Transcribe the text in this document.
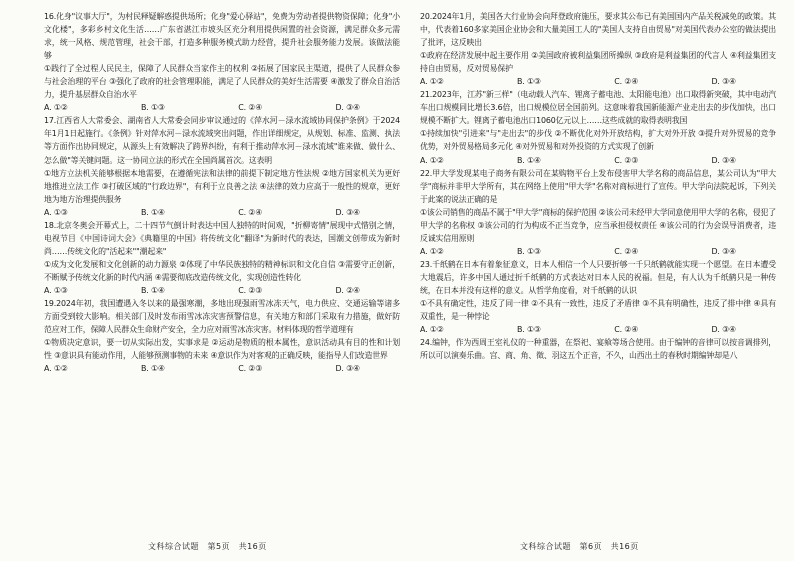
16.化身"议事大厅"，为村民释疑解惑提供场所；化身"爱心驿站"，免费为劳动者提供物资保障；化身"小文化楼"，多彩乡村文化生活……广东省湛江市坡头区充分利用提供闲置的社会资源，满足群众多元需求，统一风格、规范管理，社会干部，打造多种服务模式助力经营，提升社会服务能力发展。该做法能够

①践行了全过程人民民主，保障了人民群众当家作主的权利 ②拓展了国家民主渠道，提供了人民群众参与社会治理的平台 ③强化了政府的社会管理职能，满足了人民群众的美好生活需要 ④激发了群众自治活力，提升基层群众自治水平

A. ①②	B. ①③	C. ②④	D. ③④

17.江西省人大常委会、湖南省人大常委会同步审议通过的《萍水河－渌水流域协同保护条例》于2024年1月1日起施行。《条例》针对萍水河－渌水流域突出问题，作出详细规定，从规划、标准、监测、执法等方面作出协同规定，从源头上有效解决了跨界纠纷，有利于推动萍水河－渌水流域"谁来做、做什么、怎么做"等关键问题。这一协同立法的形式在全国尚属首次。这表明

①地方立法机关能够根据本地需要，在遵循宪法和法律的前提下制定地方性法规 ②地方国家机关为更好地推进立法工作 ③打破区域的"行政边界"，有利于立良善之法 ④法律的效力应高于一般性的规章，更好地为地方治理提供服务

A. ①③	B. ①④	C. ②④	D. ③④

18.北京冬奥会开幕式上，二十四节气倒计时表达中国人独特的时间观，"折柳寄情"展现中式惜别之情，电视节目《中国诗词大会》《典籍里的中国》将传统文化"翻译"为新时代的表达，国潮文创带成为新时尚……传统文化的"活起来""潮起来"

①成为文化发展和文化创新的动力源泉 ②体现了中华民族独特的精神标识和文化自信 ③需要守正创新，不断赋予传统文化新的时代内涵 ④需要彻底改造传统文化，实现创造性转化

A. ①③	B. ①④	C. ②③	D. ②④

19.2024年初，我国遭遇入冬以来的最强寒潮，多地出现强雨雪冰冻天气，电力供应、交通运输等诸多方面受到较大影响。相关部门及时发布雨雪冰冻灾害预警信息，有关地方和部门采取有力措施，做好防范应对工作，保障人民群众生命财产安全，全力应对雨雪冰冻灾害。材料体现的哲学道理有

①物质决定意识，要一切从实际出发，实事求是 ②运动是物质的根本属性，意识活动具有目的性和计划性 ③意识具有能动作用，人能够预测事物的未来 ④意识作为对客观的正确反映，能指导人们改造世界

A. ①②	B. ①④	C. ②③	D. ③④

20.2024年1月，美国各大行业协会向拜登政府施压，要求其公布已有美国国内产品关税减免的政策。其中，代表着160多家美国企业协会和大量美国工人的"美国人支持自由贸易"对美国代表办公室的做法提出了批评，这反映出

①政府在经济发展中起主要作用 ②美国政府被利益集团所操纵 ③政府是利益集团的代言人 ④利益集团支持自由贸易，反对贸易保护

A. ①②	B. ①③	C. ②④	D. ③④

21.2023年，江苏"新三样"（电动载人汽车、锂离子蓄电池、太阳能电池）出口取得新突破，其中电动汽车出口规模同比增长3.6倍，出口规模位居全国前列。这意味着我国新能源产业走出去的步伐加快，出口规模不断扩大。锂离子蓄电池出口1060亿元以上……这些成就的取得表明我国

①持续加快"引进来"与"走出去"的步伐 ②不断优化对外开放结构，扩大对外开放 ③提升对外贸易的竞争优势，对外贸易格局多元化 ④对外贸易和对外投资的方式实现了创新

A. ①②	B. ①④	C. ②③	D. ③④

22.甲大学发现某电子商务有限公司在某购物平台上发布侵害甲大学名称的商品信息，某公司认为"甲大学"商标并非甲大学所有，其在网络上使用"甲大学"名称对商标进行了宣传。甲大学向法院起诉，下列关于此案的说法正确的是

①该公司销售的商品不属于"甲大学"商标的保护范围 ②该公司未经甲大学同意使用甲大学的名称，侵犯了甲大学的名称权 ③该公司的行为构成不正当竞争，应当承担侵权责任 ④该公司的行为会误导消费者，违反诚实信用原则

A. ①②	B. ①③	C. ②④	D. ③④

23.千纸鹤在日本有着象征意义，日本人相信一个人只要折够一千只纸鹤就能实现一个愿望。在日本遭受大地震后，许多中国人通过折千纸鹤的方式表达对日本人民的祝福。但是，有人认为千纸鹤只是一种传统，在日本并没有这样的意义。从哲学角度看，对千纸鹤的认识

①不具有确定性，违反了同一律 ②不具有一致性，违反了矛盾律 ③不具有明确性，违反了排中律 ④具有双重性，是一种悖论

A. ①②	B. ①③	C. ②④	D. ③④

24.编钟，作为西周王室礼仪的一种重器，在祭祀、宴飨等场合使用。由于编钟的音律可以按音调排列，所以可以演奏乐曲。宫、商、角、徵、羽这五个正音，不久，山西出土的春秋时期编钟却是八

文科综合试题　第5页　共16页	文科综合试题　第6页　共16页
